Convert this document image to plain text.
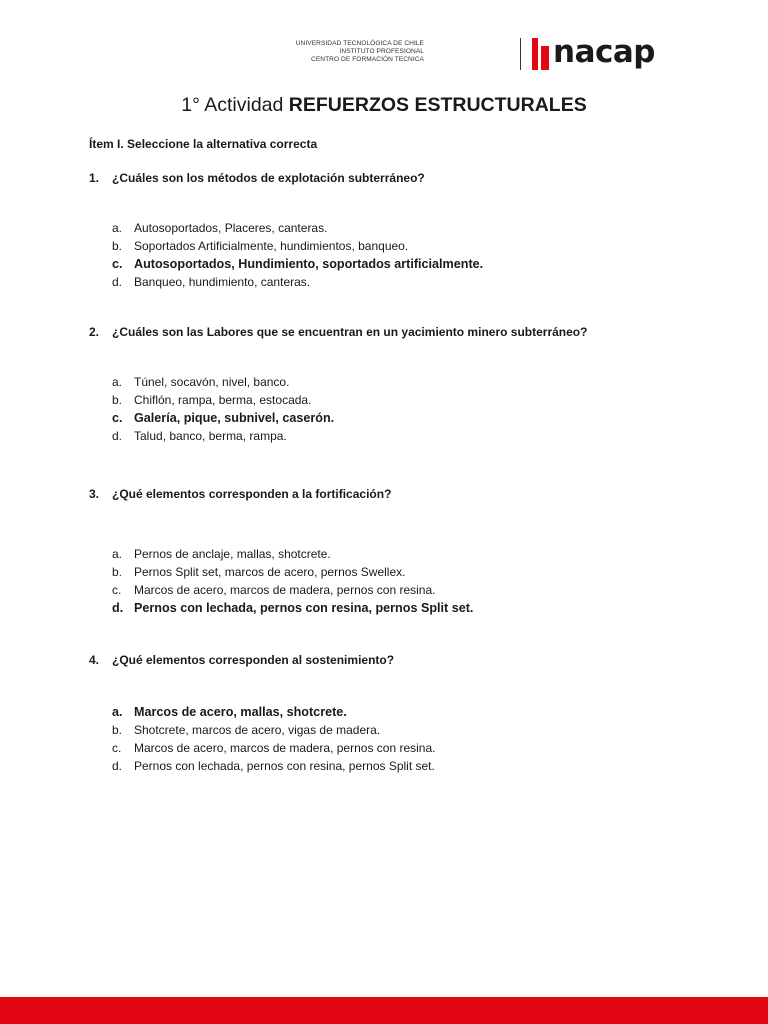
UNIVERSIDAD TECNOLÓGICA DE CHILE
INSTITUTO PROFESIONAL
CENTRO DE FORMACIÓN TECNICA	nacap
1° Actividad REFUERZOS ESTRUCTURALES
Ítem I. Seleccione la alternativa correcta
1. ¿Cuáles son los métodos de explotación subterráneo?
a. Autosoportados, Placeres, canteras.
b. Soportados Artificialmente, hundimientos, banqueo.
c. Autosoportados, Hundimiento, soportados artificialmente.
d. Banqueo, hundimiento, canteras.
2. ¿Cuáles son las Labores que se encuentran en un yacimiento minero subterráneo?
a. Túnel, socavón, nivel, banco.
b. Chiflón, rampa, berma, estocada.
c. Galería, pique, subnivel, caserón.
d. Talud, banco, berma, rampa.
3. ¿Qué elementos corresponden a la fortificación?
a. Pernos de anclaje, mallas, shotcrete.
b. Pernos Split set, marcos de acero, pernos Swellex.
c. Marcos de acero, marcos de madera, pernos con resina.
d. Pernos con lechada, pernos con resina, pernos Split set.
4. ¿Qué elementos corresponden al sostenimiento?
a. Marcos de acero, mallas, shotcrete.
b. Shotcrete, marcos de acero, vigas de madera.
c. Marcos de acero, marcos de madera, pernos con resina.
d. Pernos con lechada, pernos con resina, pernos Split set.
